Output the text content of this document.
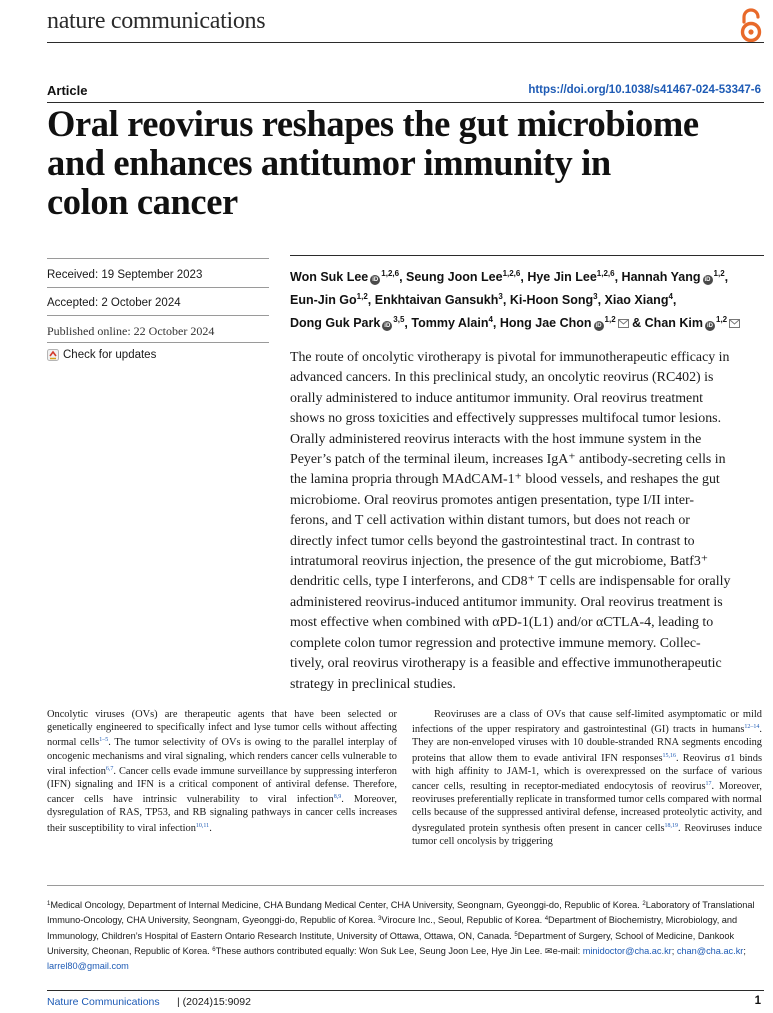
nature communications
Article	https://doi.org/10.1038/s41467-024-53347-6
Oral reovirus reshapes the gut microbiome
and enhances antitumor immunity in
colon cancer
Received: 19 September 2023
Accepted: 2 October 2024
Published online: 22 October 2024
Check for updates
Won Suk Lee iD$^{1,2,6}$, Seung Joon Lee$^{1,2,6}$, Hye Jin Lee$^{1,2,6}$, Hannah Yang iD$^{1,2}$,
Eun-Jin Go$^{1,2}$, Enkhtaivan Gansukh$^3$, Ki-Hoon Song$^3$, Xiao Xiang$^4$,
Dong Guk Park iD$^{3,5}$, Tommy Alain$^4$, Hong Jae Chon iD$^{1,2}$ & Chan Kim iD$^{1,2}$
The route of oncolytic virotherapy is pivotal for immunotherapeutic efficacy in
advanced cancers. In this preclinical study, an oncolytic reovirus (RC402) is
orally administered to induce antitumor immunity. Oral reovirus treatment
shows no gross toxicities and effectively suppresses multifocal tumor lesions.
Orally administered reovirus interacts with the host immune system in the
Peyer’s patch of the terminal ileum, increases IgA⁺ antibody-secreting cells in
the lamina propria through MAdCAM-1⁺ blood vessels, and reshapes the gut
microbiome. Oral reovirus promotes antigen presentation, type I/II inter-
ferons, and T cell activation within distant tumors, but does not reach or
directly infect tumor cells beyond the gastrointestinal tract. In contrast to
intratumoral reovirus injection, the presence of the gut microbiome, Batf3⁺
dendritic cells, type I interferons, and CD8⁺ T cells are indispensable for orally
administered reovirus-induced antitumor immunity. Oral reovirus treatment is
most effective when combined with αPD-1(L1) and/or αCTLA-4, leading to
complete colon tumor regression and protective immune memory. Collec-
tively, oral reovirus virotherapy is a feasible and effective immunotherapeutic
strategy in preclinical studies.
Oncolytic viruses (OVs) are therapeutic agents that have been selected or genetically engineered to specifically infect and lyse tumor cells without affecting normal cells$^{1-5}$. The tumor selectivity of OVs is owing to the parallel interplay of oncogenic mechanisms and viral signaling, which renders cancer cells vulnerable to viral infection$^{6,7}$. Cancer cells evade immune surveillance by suppressing interferon (IFN) signaling and IFN is a critical component of antiviral defense. Therefore, cancer cells have intrinsic vulnerability to viral infection$^{8,9}$. Moreover, dysregulation of RAS, TP53, and RB signaling pathways in cancer cells increases their susceptibility to viral infection$^{10,11}$.
Reoviruses are a class of OVs that cause self-limited asymptomatic or mild infections of the upper respiratory and gastrointestinal (GI) tracts in humans$^{12-14}$. They are non-enveloped viruses with 10 double-stranded RNA segments encoding proteins that allow them to evade antiviral IFN responses$^{15,16}$. Reovirus σ1 binds with high affinity to JAM-1, which is overexpressed on the surface of various cancer cells, resulting in receptor-mediated endocytosis of reovirus$^{17}$. Moreover, reoviruses preferentially replicate in transformed tumor cells compared with normal cells because of the suppressed antiviral defense, increased proteolytic activity, and dysregulated protein synthesis often present in cancer cells$^{18,19}$. Reoviruses induce tumor cell oncolysis by triggering
$^1$Medical Oncology, Department of Internal Medicine, CHA Bundang Medical Center, CHA University, Seongnam, Gyeonggi-do, Republic of Korea. $^2$Laboratory of Translational Immuno-Oncology, CHA University, Seongnam, Gyeonggi-do, Republic of Korea. $^3$Virocure Inc., Seoul, Republic of Korea. $^4$Department of Biochemistry, Microbiology, and Immunology, Children’s Hospital of Eastern Ontario Research Institute, University of Ottawa, Ottawa, ON, Canada. $^5$Department of Surgery, School of Medicine, Dankook University, Cheonan, Republic of Korea. $^6$These authors contributed equally: Won Suk Lee, Seung Joon Lee, Hye Jin Lee. ✉e-mail: minidoctor@cha.ac.kr; chan@cha.ac.kr; larrel80@gmail.com
Nature Communications | (2024)15:9092	1
